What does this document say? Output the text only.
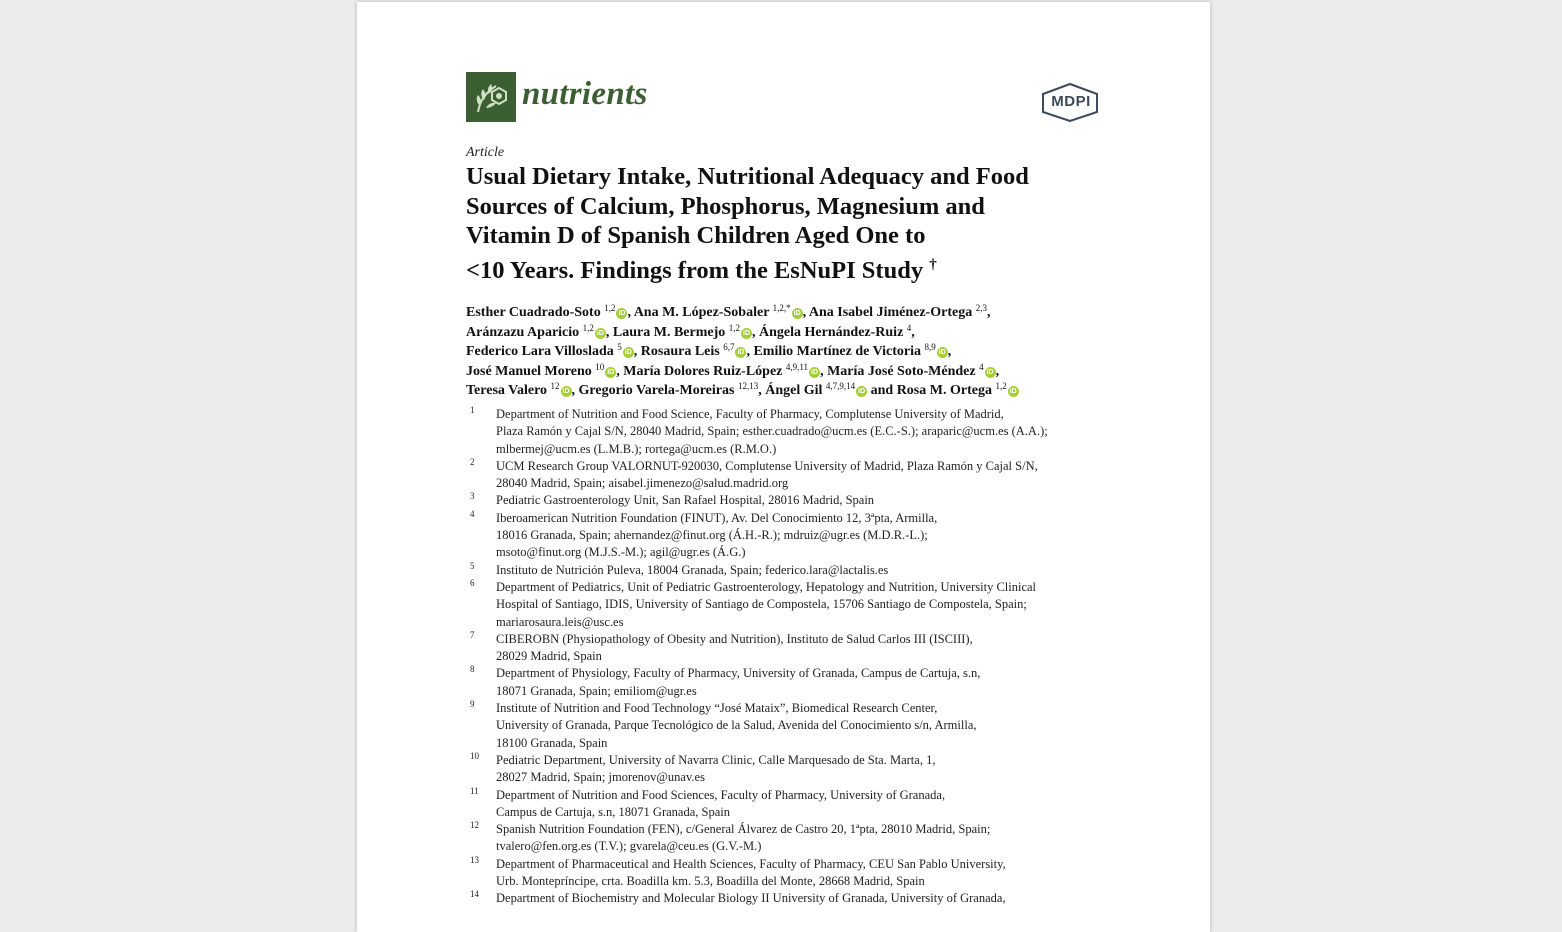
nutrients	MDPI
Article
Usual Dietary Intake, Nutritional Adequacy and Food
Sources of Calcium, Phosphorus, Magnesium and
Vitamin D of Spanish Children Aged One to
<10 Years. Findings from the EsNuPI Study †
Esther Cuadrado-Soto $^{1,2}$iD , Ana M. López-Sobaler $^{1,2,*}$iD , Ana Isabel Jiménez-Ortega $^{2,3}$,
Aránzazu Aparicio $^{1,2}$iD , Laura M. Bermejo $^{1,2}$iD , Ángela Hernández-Ruiz $^4$,
Federico Lara Villoslada $^5$iD , Rosaura Leis $^{6,7}$iD , Emilio Martínez de Victoria $^{8,9}$iD ,
José Manuel Moreno $^{10}$iD , María Dolores Ruiz-López $^{4,9,11}$iD , María José Soto-Méndez $^4$iD ,
Teresa Valero $^{12}$iD , Gregorio Varela-Moreiras $^{12,13}$, Ángel Gil $^{4,7,9,14}$iD and Rosa M. Ortega $^{1,2}$iD
1 Department of Nutrition and Food Science, Faculty of Pharmacy, Complutense University of Madrid,
Plaza Ramón y Cajal S/N, 28040 Madrid, Spain; esther.cuadrado@ucm.es (E.C.-S.); araparic@ucm.es (A.A.);
mlbermej@ucm.es (L.M.B.); rortega@ucm.es (R.M.O.)
2 UCM Research Group VALORNUT-920030, Complutense University of Madrid, Plaza Ramón y Cajal S/N,
28040 Madrid, Spain; aisabel.jimenezo@salud.madrid.org
3 Pediatric Gastroenterology Unit, San Rafael Hospital, 28016 Madrid, Spain
4 Iberoamerican Nutrition Foundation (FINUT), Av. Del Conocimiento 12, 3ªpta, Armilla,
18016 Granada, Spain; ahernandez@finut.org (Á.H.-R.); mdruiz@ugr.es (M.D.R.-L.);
msoto@finut.org (M.J.S.-M.); agil@ugr.es (Á.G.)
5 Instituto de Nutrición Puleva, 18004 Granada, Spain; federico.lara@lactalis.es
6 Department of Pediatrics, Unit of Pediatric Gastroenterology, Hepatology and Nutrition, University Clinical
Hospital of Santiago, IDIS, University of Santiago de Compostela, 15706 Santiago de Compostela, Spain;
mariarosaura.leis@usc.es
7 CIBEROBN (Physiopathology of Obesity and Nutrition), Instituto de Salud Carlos III (ISCIII),
28029 Madrid, Spain
8 Department of Physiology, Faculty of Pharmacy, University of Granada, Campus de Cartuja, s.n,
18071 Granada, Spain; emiliom@ugr.es
9 Institute of Nutrition and Food Technology “José Mataix”, Biomedical Research Center,
University of Granada, Parque Tecnológico de la Salud, Avenida del Conocimiento s/n, Armilla,
18100 Granada, Spain
10 Pediatric Department, University of Navarra Clinic, Calle Marquesado de Sta. Marta, 1,
28027 Madrid, Spain; jmorenov@unav.es
11 Department of Nutrition and Food Sciences, Faculty of Pharmacy, University of Granada,
Campus de Cartuja, s.n, 18071 Granada, Spain
12 Spanish Nutrition Foundation (FEN), c/General Álvarez de Castro 20, 1ªpta, 28010 Madrid, Spain;
tvalero@fen.org.es (T.V.); gvarela@ceu.es (G.V.-M.)
13 Department of Pharmaceutical and Health Sciences, Faculty of Pharmacy, CEU San Pablo University,
Urb. Montepríncipe, crta. Boadilla km. 5.3, Boadilla del Monte, 28668 Madrid, Spain
14 Department of Biochemistry and Molecular Biology II University of Granada, University of Granada,
